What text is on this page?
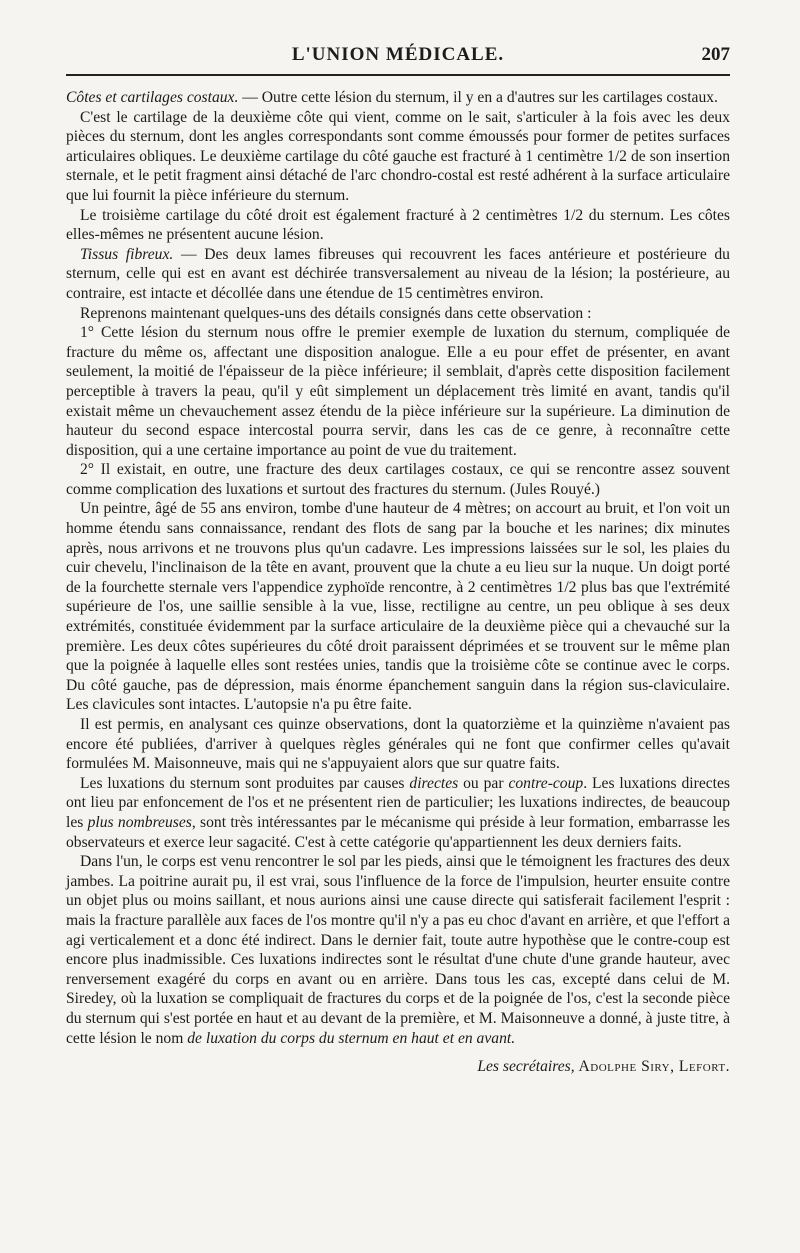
L'UNION MÉDICALE.	207

Côtes et cartilages costaux. — Outre cette lésion du sternum, il y en a d'autres sur les cartilages costaux.

C'est le cartilage de la deuxième côte qui vient, comme on le sait, s'articuler à la fois avec les deux pièces du sternum, dont les angles correspondants sont comme émoussés pour former de petites surfaces articulaires obliques. Le deuxième cartilage du côté gauche est fracturé à 1 centimètre 1/2 de son insertion sternale, et le petit fragment ainsi détaché de l'arc chondro-costal est resté adhérent à la surface articulaire que lui fournit la pièce inférieure du sternum.

Le troisième cartilage du côté droit est également fracturé à 2 centimètres 1/2 du sternum. Les côtes elles-mêmes ne présentent aucune lésion.

Tissus fibreux. — Des deux lames fibreuses qui recouvrent les faces antérieure et postérieure du sternum, celle qui est en avant est déchirée transversalement au niveau de la lésion; la postérieure, au contraire, est intacte et décollée dans une étendue de 15 centimètres environ.

Reprenons maintenant quelques-uns des détails consignés dans cette observation :

1° Cette lésion du sternum nous offre le premier exemple de luxation du sternum, compliquée de fracture du même os, affectant une disposition analogue. Elle a eu pour effet de présenter, en avant seulement, la moitié de l'épaisseur de la pièce inférieure; il semblait, d'après cette disposition facilement perceptible à travers la peau, qu'il y eût simplement un déplacement très limité en avant, tandis qu'il existait même un chevauchement assez étendu de la pièce inférieure sur la supérieure. La diminution de hauteur du second espace intercostal pourra servir, dans les cas de ce genre, à reconnaître cette disposition, qui a une certaine importance au point de vue du traitement.

2° Il existait, en outre, une fracture des deux cartilages costaux, ce qui se rencontre assez souvent comme complication des luxations et surtout des fractures du sternum. (Jules Rouyé.)

Un peintre, âgé de 55 ans environ, tombe d'une hauteur de 4 mètres; on accourt au bruit, et l'on voit un homme étendu sans connaissance, rendant des flots de sang par la bouche et les narines; dix minutes après, nous arrivons et ne trouvons plus qu'un cadavre. Les impressions laissées sur le sol, les plaies du cuir chevelu, l'inclinaison de la tête en avant, prouvent que la chute a eu lieu sur la nuque. Un doigt porté de la fourchette sternale vers l'appendice zyphoïde rencontre, à 2 centimètres 1/2 plus bas que l'extrémité supérieure de l'os, une saillie sensible à la vue, lisse, rectiligne au centre, un peu oblique à ses deux extrémités, constituée évidemment par la surface articulaire de la deuxième pièce qui a chevauché sur la première. Les deux côtes supérieures du côté droit paraissent déprimées et se trouvent sur le même plan que la poignée à laquelle elles sont restées unies, tandis que la troisième côte se continue avec le corps. Du côté gauche, pas de dépression, mais énorme épanchement sanguin dans la région sus-claviculaire. Les clavicules sont intactes. L'autopsie n'a pu être faite.

Il est permis, en analysant ces quinze observations, dont la quatorzième et la quinzième n'avaient pas encore été publiées, d'arriver à quelques règles générales qui ne font que confirmer celles qu'avait formulées M. Maisonneuve, mais qui ne s'appuyaient alors que sur quatre faits.

Les luxations du sternum sont produites par causes directes ou par contre-coup. Les luxations directes ont lieu par enfoncement de l'os et ne présentent rien de particulier; les luxations indirectes, de beaucoup les plus nombreuses, sont très intéressantes par le mécanisme qui préside à leur formation, embarrasse les observateurs et exerce leur sagacité. C'est à cette catégorie qu'appartiennent les deux derniers faits.

Dans l'un, le corps est venu rencontrer le sol par les pieds, ainsi que le témoignent les fractures des deux jambes. La poitrine aurait pu, il est vrai, sous l'influence de la force de l'impulsion, heurter ensuite contre un objet plus ou moins saillant, et nous aurions ainsi une cause directe qui satisferait facilement l'esprit : mais la fracture parallèle aux faces de l'os montre qu'il n'y a pas eu choc d'avant en arrière, et que l'effort a agi verticalement et a donc été indirect. Dans le dernier fait, toute autre hypothèse que le contre-coup est encore plus inadmissible. Ces luxations indirectes sont le résultat d'une chute d'une grande hauteur, avec renversement exagéré du corps en avant ou en arrière. Dans tous les cas, excepté dans celui de M. Siredey, où la luxation se compliquait de fractures du corps et de la poignée de l'os, c'est la seconde pièce du sternum qui s'est portée en haut et au devant de la première, et M. Maisonneuve a donné, à juste titre, à cette lésion le nom de luxation du corps du sternum en haut et en avant.

Les secrétaires, Adolphe Siry, Lefort.
